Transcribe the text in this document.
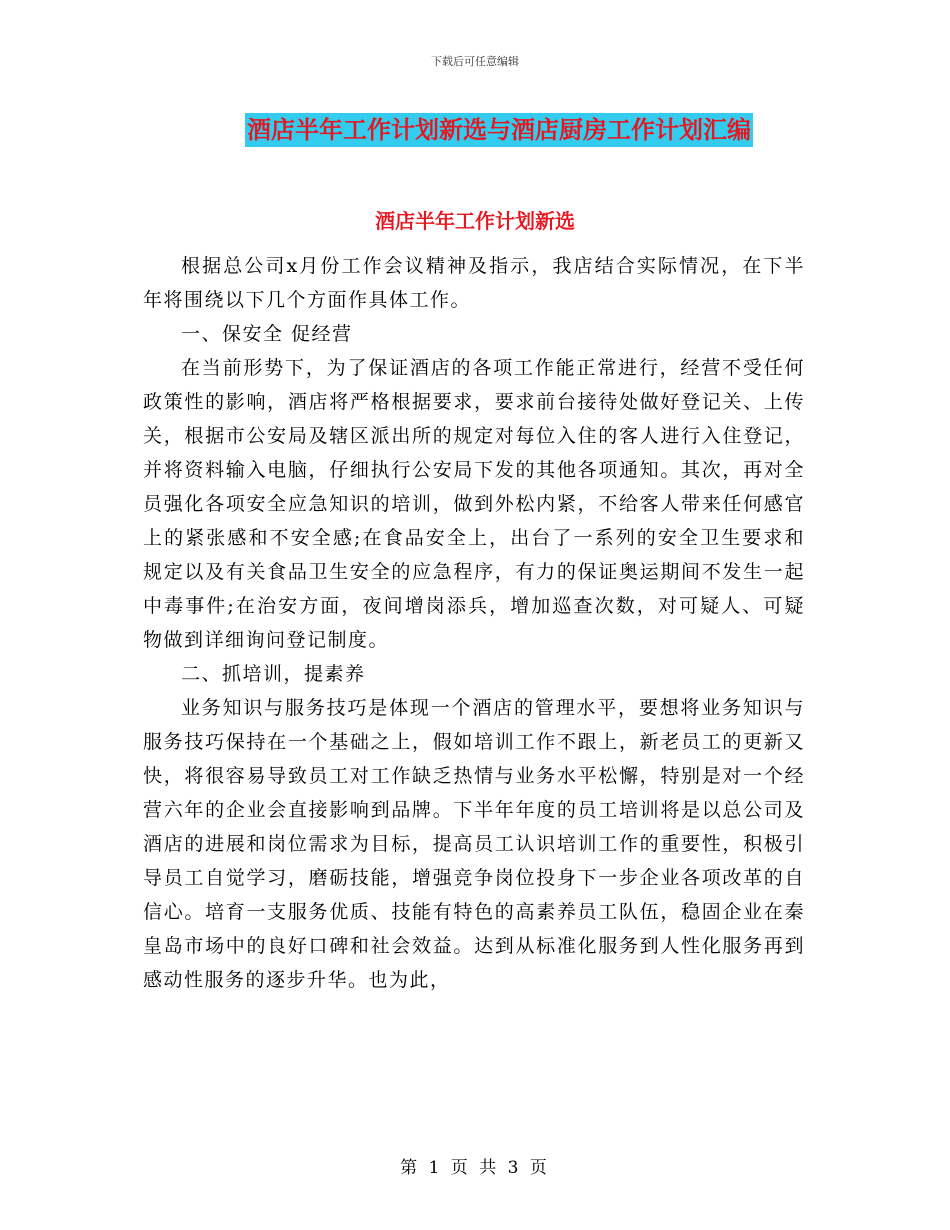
下载后可任意编辑
酒店半年工作计划新选与酒店厨房工作计划汇编
酒店半年工作计划新选

根据总公司x月份工作会议精神及指示，我店结合实际情况，在下半年将围绕以下几个方面作具体工作。

一、保安全 促经营

在当前形势下，为了保证酒店的各项工作能正常进行，经营不受任何政策性的影响，酒店将严格根据要求，要求前台接待处做好登记关、上传关，根据市公安局及辖区派出所的规定对每位入住的客人进行入住登记，并将资料输入电脑，仔细执行公安局下发的其他各项通知。其次，再对全员强化各项安全应急知识的培训，做到外松内紧，不给客人带来任何感官上的紧张感和不安全感;在食品安全上，出台了一系列的安全卫生要求和规定以及有关食品卫生安全的应急程序，有力的保证奥运期间不发生一起中毒事件;在治安方面，夜间增岗添兵，增加巡查次数，对可疑人、可疑物做到详细询问登记制度。

二、抓培训，提素养

业务知识与服务技巧是体现一个酒店的管理水平，要想将业务知识与服务技巧保持在一个基础之上，假如培训工作不跟上，新老员工的更新又快，将很容易导致员工对工作缺乏热情与业务水平松懈，特别是对一个经营六年的企业会直接影响到品牌。下半年年度的员工培训将是以总公司及酒店的进展和岗位需求为目标，提高员工认识培训工作的重要性，积极引导员工自觉学习，磨砺技能，增强竞争岗位投身下一步企业各项改革的自信心。培育一支服务优质、技能有特色的高素养员工队伍，稳固企业在秦皇岛市场中的良好口碑和社会效益。达到从标准化服务到人性化服务再到感动性服务的逐步升华。也为此，

第 1 页 共 3 页
